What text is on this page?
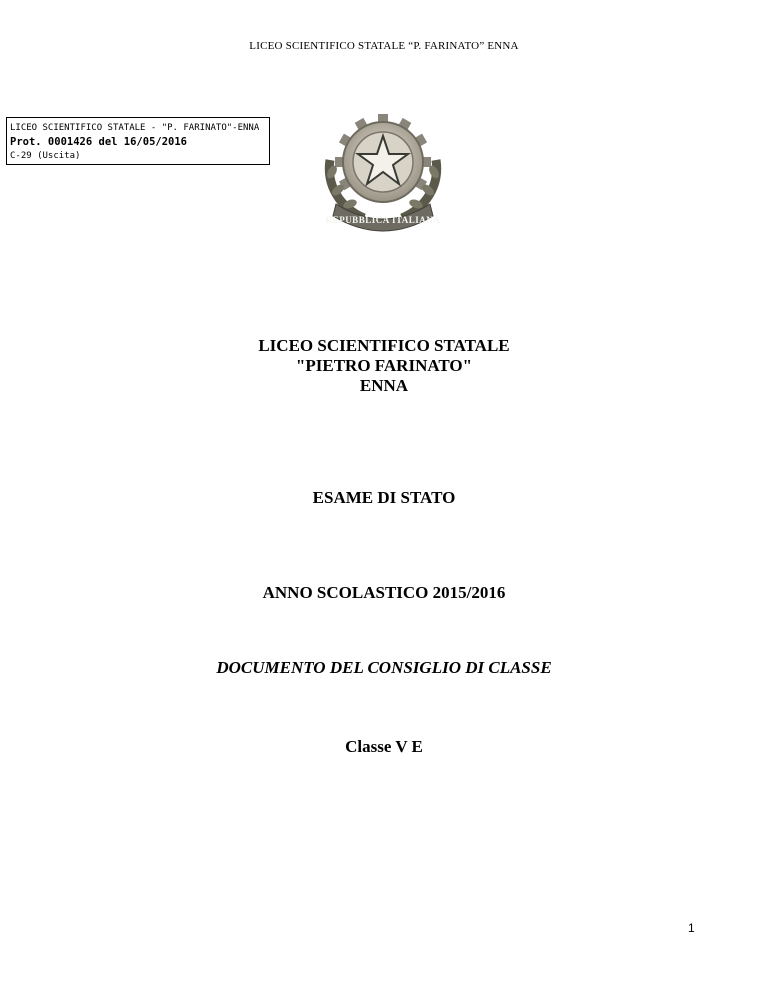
LICEO SCIENTIFICO STATALE “P. FARINATO” ENNA
LICEO SCIENTIFICO STATALE - "P. FARINATO"-ENNA
Prot. 0001426 del 16/05/2016
C-29 (Uscita)
REPUBBLICA ITALIANA
LICEO SCIENTIFICO STATALE
"PIETRO FARINATO"
ENNA
ESAME DI STATO
ANNO SCOLASTICO 2015/2016
DOCUMENTO DEL CONSIGLIO DI CLASSE
Classe V E
1
